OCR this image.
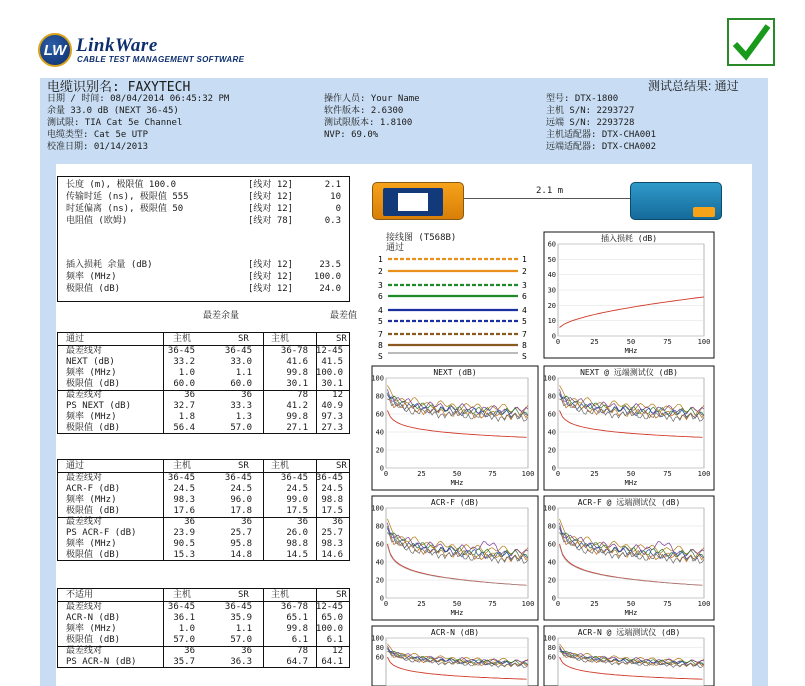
LW LinkWare
CABLE TEST MANAGEMENT SOFTWARE
电缆识别名: FAXYTECH	测试总结果: 通过
日期 / 时间: 08/04/2014 06:45:32 PM
余量 33.0 dB (NEXT 36-45)
测试限: TIA Cat 5e Channel
电缆类型: Cat 5e UTP
校准日期: 01/14/2013
操作人员: Your Name
软件版本: 2.6300
测试限版本: 1.8100
NVP: 69.0%
型号: DTX-1800
主机 S/N: 2293727
远端 S/N: 2293728
主机适配器: DTX-CHA001
远端适配器: DTX-CHA002
长度 (m), 极限值 100.0	[线对 12]	2.1
传输时延 (ns), 极限值 555	[线对 12]	10
时延偏离 (ns), 极限值 50	[线对 12]	0
电阻值 (欧姆)	[线对 78]	0.3
插入损耗 余量 (dB)	[线对 12]	23.5
频率 (MHz)	[线对 12] 100.0
极限值 (dB)	[线对 12]	24.0
最差余量	最差值
通过	主机	SR 主机	SR
最差线对	36-45	36-45	36-78 12-45
NEXT (dB)	33.2	33.0	41.6 41.5
频率 (MHz)	1.0	1.1	99.8 100.0
极限值 (dB)	60.0	60.0	30.1 30.1
最差线对	36	36	78	12
PS NEXT (dB)	32.7	33.3	41.2 40.9
频率 (MHz)	1.8	1.3	99.8 97.3
极限值 (dB)	56.4	57.0	27.1 27.3
通过	主机	SR 主机	SR
最差线对	36-45	36-45	36-45 36-45
ACR-F (dB)	24.5	24.5	24.5 24.5
频率 (MHz)	98.3	96.0	99.0 98.8
极限值 (dB)	17.6	17.8	17.5 17.5
最差线对	36	36	36	36
PS ACR-F (dB)	23.9	25.7	26.0 25.7
频率 (MHz)	90.5	95.8	98.8 98.3
极限值 (dB)	15.3	14.8	14.5 14.6
不适用	主机	SR 主机	SR
最差线对	36-45	36-45	36-78 12-45
ACR-N (dB)	36.1	35.9	65.1 65.0
频率 (MHz)	1.0	1.1	99.8 100.0
极限值 (dB)	57.0	57.0	6.1 6.1
最差线对	36	36	78	12
PS ACR-N (dB)	35.7	36.3	64.7 64.1
2.1 m
接线图 (T568B)
通过
1	1
2	2
3	3
6	6
4	4
5	5
7	7
8	8
S	S
插入损耗 (dB)
60
50
40
30
20
10
0
0	25	50	75	100
MHz
NEXT (dB)
100
80
60
40
20
0
0	25	50	75	100
MHz
NEXT @ 远端测试仪 (dB)
100
80
60
40
20
0
0	25	50	75	100
MHz
ACR-F (dB)
100
80
60
40
20
0
0	25	50	75	100
MHz
ACR-F @ 远端测试仪 (dB)
100
80
60
40
20
0
0	25	50	75	100
MHz
ACR-N (dB)
100
80
60
ACR-N @ 远端测试仪 (dB)
100
80
60
